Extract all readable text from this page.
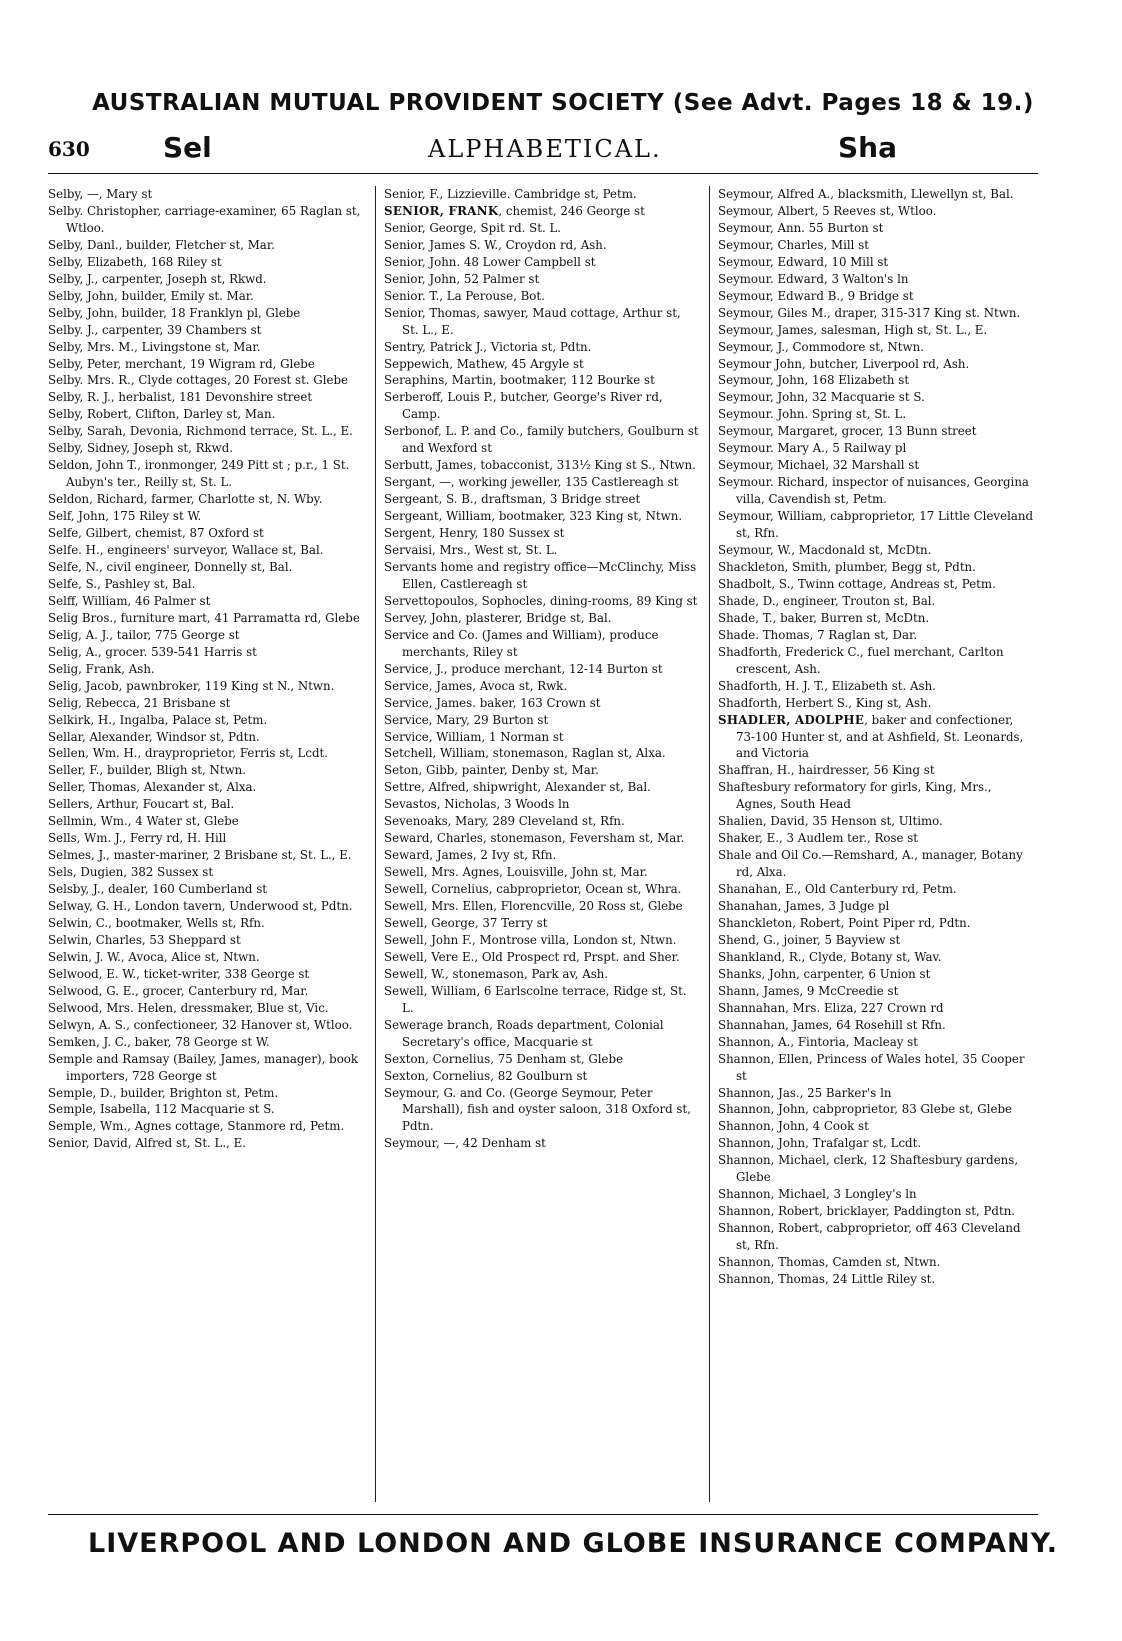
AUSTRALIAN MUTUAL PROVIDENT SOCIETY (See Advt. Pages 18 & 19.)
630	Sel	ALPHABETICAL.	Sha

Selby, —, Mary st

Selby. Christopher, carriage-examiner, 65 Raglan st, Wtloo.

Selby, Danl., builder, Fletcher st, Mar.

Selby, Elizabeth, 168 Riley st

Selby, J., carpenter, Joseph st, Rkwd.

Selby, John, builder, Emily st. Mar.

Selby, John, builder, 18 Franklyn pl, Glebe

Selby. J., carpenter, 39 Chambers st

Selby, Mrs. M., Livingstone st, Mar.

Selby, Peter, merchant, 19 Wigram rd, Glebe

Selby. Mrs. R., Clyde cottages, 20 Forest st. Glebe

Selby, R. J., herbalist, 181 Devonshire street

Selby, Robert, Clifton, Darley st, Man.

Selby, Sarah, Devonia, Richmond terrace, St. L., E.

Selby, Sidney, Joseph st, Rkwd.

Seldon, John T., ironmonger, 249 Pitt st ; p.r., 1 St. Aubyn's ter., Reilly st, St. L.

Seldon, Richard, farmer, Charlotte st, N. Wby.

Self, John, 175 Riley st W.

Selfe, Gilbert, chemist, 87 Oxford st

Selfe. H., engineers' surveyor, Wallace st, Bal.

Selfe, N., civil engineer, Donnelly st, Bal.

Selfe, S., Pashley st, Bal.

Selff, William, 46 Palmer st

Selig Bros., furniture mart, 41 Parramatta rd, Glebe

Selig, A. J., tailor, 775 George st

Selig, A., grocer. 539-541 Harris st

Selig, Frank, Ash.

Selig, Jacob, pawnbroker, 119 King st N., Ntwn.

Selig, Rebecca, 21 Brisbane st

Selkirk, H., Ingalba, Palace st, Petm.

Sellar, Alexander, Windsor st, Pdtn.

Sellen, Wm. H., drayproprietor, Ferris st, Lcdt.

Seller, F., builder, Bligh st, Ntwn.

Seller, Thomas, Alexander st, Alxa.

Sellers, Arthur, Foucart st, Bal.

Sellmin, Wm., 4 Water st, Glebe

Sells, Wm. J., Ferry rd, H. Hill

Selmes, J., master-mariner, 2 Brisbane st, St. L., E.

Sels, Dugien, 382 Sussex st

Selsby, J., dealer, 160 Cumberland st

Selway, G. H., London tavern, Underwood st, Pdtn.

Selwin, C., bootmaker, Wells st, Rfn.

Selwin, Charles, 53 Sheppard st

Selwin, J. W., Avoca, Alice st, Ntwn.

Selwood, E. W., ticket-writer, 338 George st

Selwood, G. E., grocer, Canterbury rd, Mar.

Selwood, Mrs. Helen, dressmaker, Blue st, Vic.

Selwyn, A. S., confectioneer, 32 Hanover st, Wtloo.

Semken, J. C., baker, 78 George st W.

Semple and Ramsay (Bailey, James, manager), book importers, 728 George st

Semple, D., builder, Brighton st, Petm.

Semple, Isabella, 112 Macquarie st S.

Semple, Wm., Agnes cottage, Stanmore rd, Petm.

Senior, David, Alfred st, St. L., E.

Senior, F., Lizzieville. Cambridge st, Petm.

SENIOR, FRANK, chemist, 246 George st

Senior, George, Spit rd. St. L.

Senior, James S. W., Croydon rd, Ash.

Senior, John. 48 Lower Campbell st

Senior, John, 52 Palmer st

Senior. T., La Perouse, Bot.

Senior, Thomas, sawyer, Maud cottage, Arthur st, St. L., E.

Sentry, Patrick J., Victoria st, Pdtn.

Seppewich, Mathew, 45 Argyle st

Seraphins, Martin, bootmaker, 112 Bourke st

Serberoff, Louis P., butcher, George's River rd, Camp.

Serbonof, L. P. and Co., family butchers, Goulburn st and Wexford st

Serbutt, James, tobacconist, 313½ King st S., Ntwn.

Sergant, —, working jeweller, 135 Castlereagh st

Sergeant, S. B., draftsman, 3 Bridge street

Sergeant, William, bootmaker, 323 King st, Ntwn.

Sergent, Henry, 180 Sussex st

Servaisi, Mrs., West st, St. L.

Servants home and registry office—McClinchy, Miss Ellen, Castlereagh st

Servettopoulos, Sophocles, dining-rooms, 89 King st

Servey, John, plasterer, Bridge st, Bal.

Service and Co. (James and William), produce merchants, Riley st

Service, J., produce merchant, 12-14 Burton st

Service, James, Avoca st, Rwk.

Service, James. baker, 163 Crown st

Service, Mary, 29 Burton st

Service, William, 1 Norman st

Setchell, William, stonemason, Raglan st, Alxa.

Seton, Gibb, painter, Denby st, Mar.

Settre, Alfred, shipwright, Alexander st, Bal.

Sevastos, Nicholas, 3 Woods ln

Sevenoaks, Mary, 289 Cleveland st, Rfn.

Seward, Charles, stonemason, Feversham st, Mar.

Seward, James, 2 Ivy st, Rfn.

Sewell, Mrs. Agnes, Louisville, John st, Mar.

Sewell, Cornelius, cabproprietor, Ocean st, Whra.

Sewell, Mrs. Ellen, Florencville, 20 Ross st, Glebe

Sewell, George, 37 Terry st

Sewell, John F., Montrose villa, London st, Ntwn.

Sewell, Vere E., Old Prospect rd, Prspt. and Sher.

Sewell, W., stonemason, Park av, Ash.

Sewell, William, 6 Earlscolne terrace, Ridge st, St. L.

Sewerage branch, Roads department, Colonial Secretary's office, Macquarie st

Sexton, Cornelius, 75 Denham st, Glebe

Sexton, Cornelius, 82 Goulburn st

Seymour, G. and Co. (George Seymour, Peter Marshall), fish and oyster saloon, 318 Oxford st, Pdtn.

Seymour, —, 42 Denham st

Seymour, Alfred A., blacksmith, Llewellyn st, Bal.

Seymour, Albert, 5 Reeves st, Wtloo.

Seymour, Ann. 55 Burton st

Seymour, Charles, Mill st

Seymour, Edward, 10 Mill st

Seymour. Edward, 3 Walton's ln

Seymour, Edward B., 9 Bridge st

Seymour, Giles M., draper, 315-317 King st. Ntwn.

Seymour, James, salesman, High st, St. L., E.

Seymour, J., Commodore st, Ntwn.

Seymour John, butcher, Liverpool rd, Ash.

Seymour, John, 168 Elizabeth st

Seymour, John, 32 Macquarie st S.

Seymour. John. Spring st, St. L.

Seymour, Margaret, grocer, 13 Bunn street

Seymour. Mary A., 5 Railway pl

Seymour, Michael, 32 Marshall st

Seymour. Richard, inspector of nuisances, Georgina villa, Cavendish st, Petm.

Seymour, William, cabproprietor, 17 Little Cleveland st, Rfn.

Seymour, W., Macdonald st, McDtn.

Shackleton, Smith, plumber, Begg st, Pdtn.

Shadbolt, S., Twinn cottage, Andreas st, Petm.

Shade, D., engineer, Trouton st, Bal.

Shade, T., baker, Burren st, McDtn.

Shade. Thomas, 7 Raglan st, Dar.

Shadforth, Frederick C., fuel merchant, Carlton crescent, Ash.

Shadforth, H. J. T., Elizabeth st. Ash.

Shadforth, Herbert S., King st, Ash.

SHADLER, ADOLPHE, baker and confectioner, 73-100 Hunter st, and at Ashfield, St. Leonards, and Victoria

Shaffran, H., hairdresser, 56 King st

Shaftesbury reformatory for girls, King, Mrs., Agnes, South Head

Shalien, David, 35 Henson st, Ultimo.

Shaker, E., 3 Audlem ter., Rose st

Shale and Oil Co.—Remshard, A., manager, Botany rd, Alxa.

Shanahan, E., Old Canterbury rd, Petm.

Shanahan, James, 3 Judge pl

Shanckleton, Robert, Point Piper rd, Pdtn.

Shend, G., joiner, 5 Bayview st

Shankland, R., Clyde, Botany st, Wav.

Shanks, John, carpenter, 6 Union st

Shann, James, 9 McCreedie st

Shannahan, Mrs. Eliza, 227 Crown rd

Shannahan, James, 64 Rosehill st Rfn.

Shannon, A., Fintoria, Macleay st

Shannon, Ellen, Princess of Wales hotel, 35 Cooper st

Shannon, Jas., 25 Barker's ln

Shannon, John, cabproprietor, 83 Glebe st, Glebe

Shannon, John, 4 Cook st

Shannon, John, Trafalgar st, Lcdt.

Shannon, Michael, clerk, 12 Shaftesbury gardens, Glebe

Shannon, Michael, 3 Longley's ln

Shannon, Robert, bricklayer, Paddington st, Pdtn.

Shannon, Robert, cabproprietor, off 463 Cleveland st, Rfn.

Shannon, Thomas, Camden st, Ntwn.

Shannon, Thomas, 24 Little Riley st.

LIVERPOOL AND LONDON AND GLOBE INSURANCE COMPANY.
